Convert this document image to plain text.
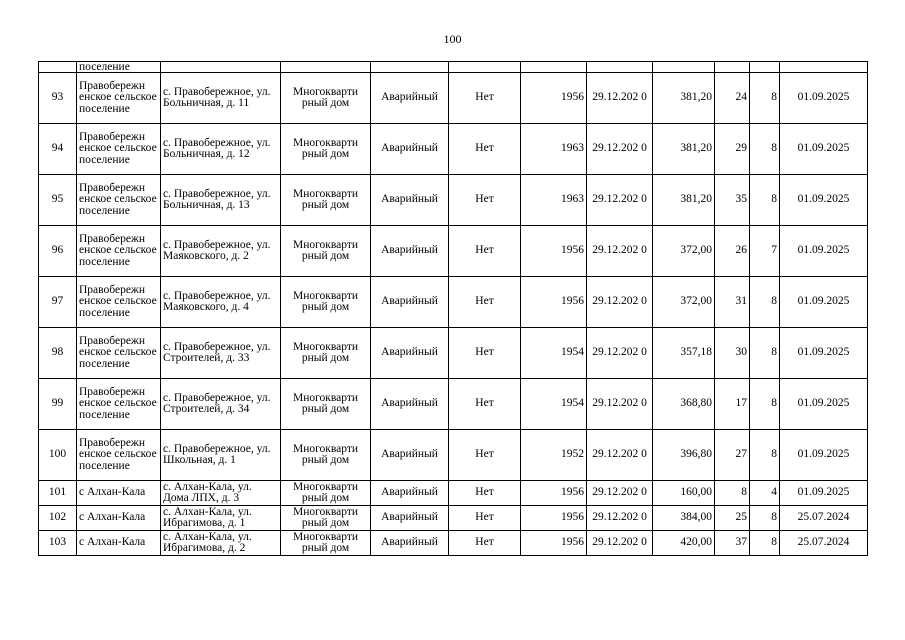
100
	поселение										
93	Правобережн енское сельское поселение	с. Правобережное, ул. Больничная, д. 11	Многокварти рный дом	Аварийный	Нет	1956	29.12.202 0	381,20	24	8	01.09.2025
94	Правобережн енское сельское поселение	с. Правобережное, ул. Больничная, д. 12	Многокварти рный дом	Аварийный	Нет	1963	29.12.202 0	381,20	29	8	01.09.2025
95	Правобережн енское сельское поселение	с. Правобережное, ул. Больничная, д. 13	Многокварти рный дом	Аварийный	Нет	1963	29.12.202 0	381,20	35	8	01.09.2025
96	Правобережн енское сельское поселение	с. Правобережное, ул. Маяковского, д. 2	Многокварти рный дом	Аварийный	Нет	1956	29.12.202 0	372,00	26	7	01.09.2025
97	Правобережн енское сельское поселение	с. Правобережное, ул. Маяковского, д. 4	Многокварти рный дом	Аварийный	Нет	1956	29.12.202 0	372,00	31	8	01.09.2025
98	Правобережн енское сельское поселение	с. Правобережное, ул. Строителей, д. 33	Многокварти рный дом	Аварийный	Нет	1954	29.12.202 0	357,18	30	8	01.09.2025
99	Правобережн енское сельское поселение	с. Правобережное, ул. Строителей, д. 34	Многокварти рный дом	Аварийный	Нет	1954	29.12.202 0	368,80	17	8	01.09.2025
100	Правобережн енское сельское поселение	с. Правобережное, ул. Школьная, д. 1	Многокварти рный дом	Аварийный	Нет	1952	29.12.202 0	396,80	27	8	01.09.2025
101	с Алхан-Кала	с. Алхан-Кала, ул. Дома ЛПХ, д. 3	Многокварти рный дом	Аварийный	Нет	1956	29.12.202 0	160,00	8	4	01.09.2025
102	с Алхан-Кала	с. Алхан-Кала, ул. Ибрагимова, д. 1	Многокварти рный дом	Аварийный	Нет	1956	29.12.202 0	384,00	25	8	25.07.2024
103	с Алхан-Кала	с. Алхан-Кала, ул. Ибрагимова, д. 2	Многокварти рный дом	Аварийный	Нет	1956	29.12.202 0	420,00	37	8	25.07.2024
